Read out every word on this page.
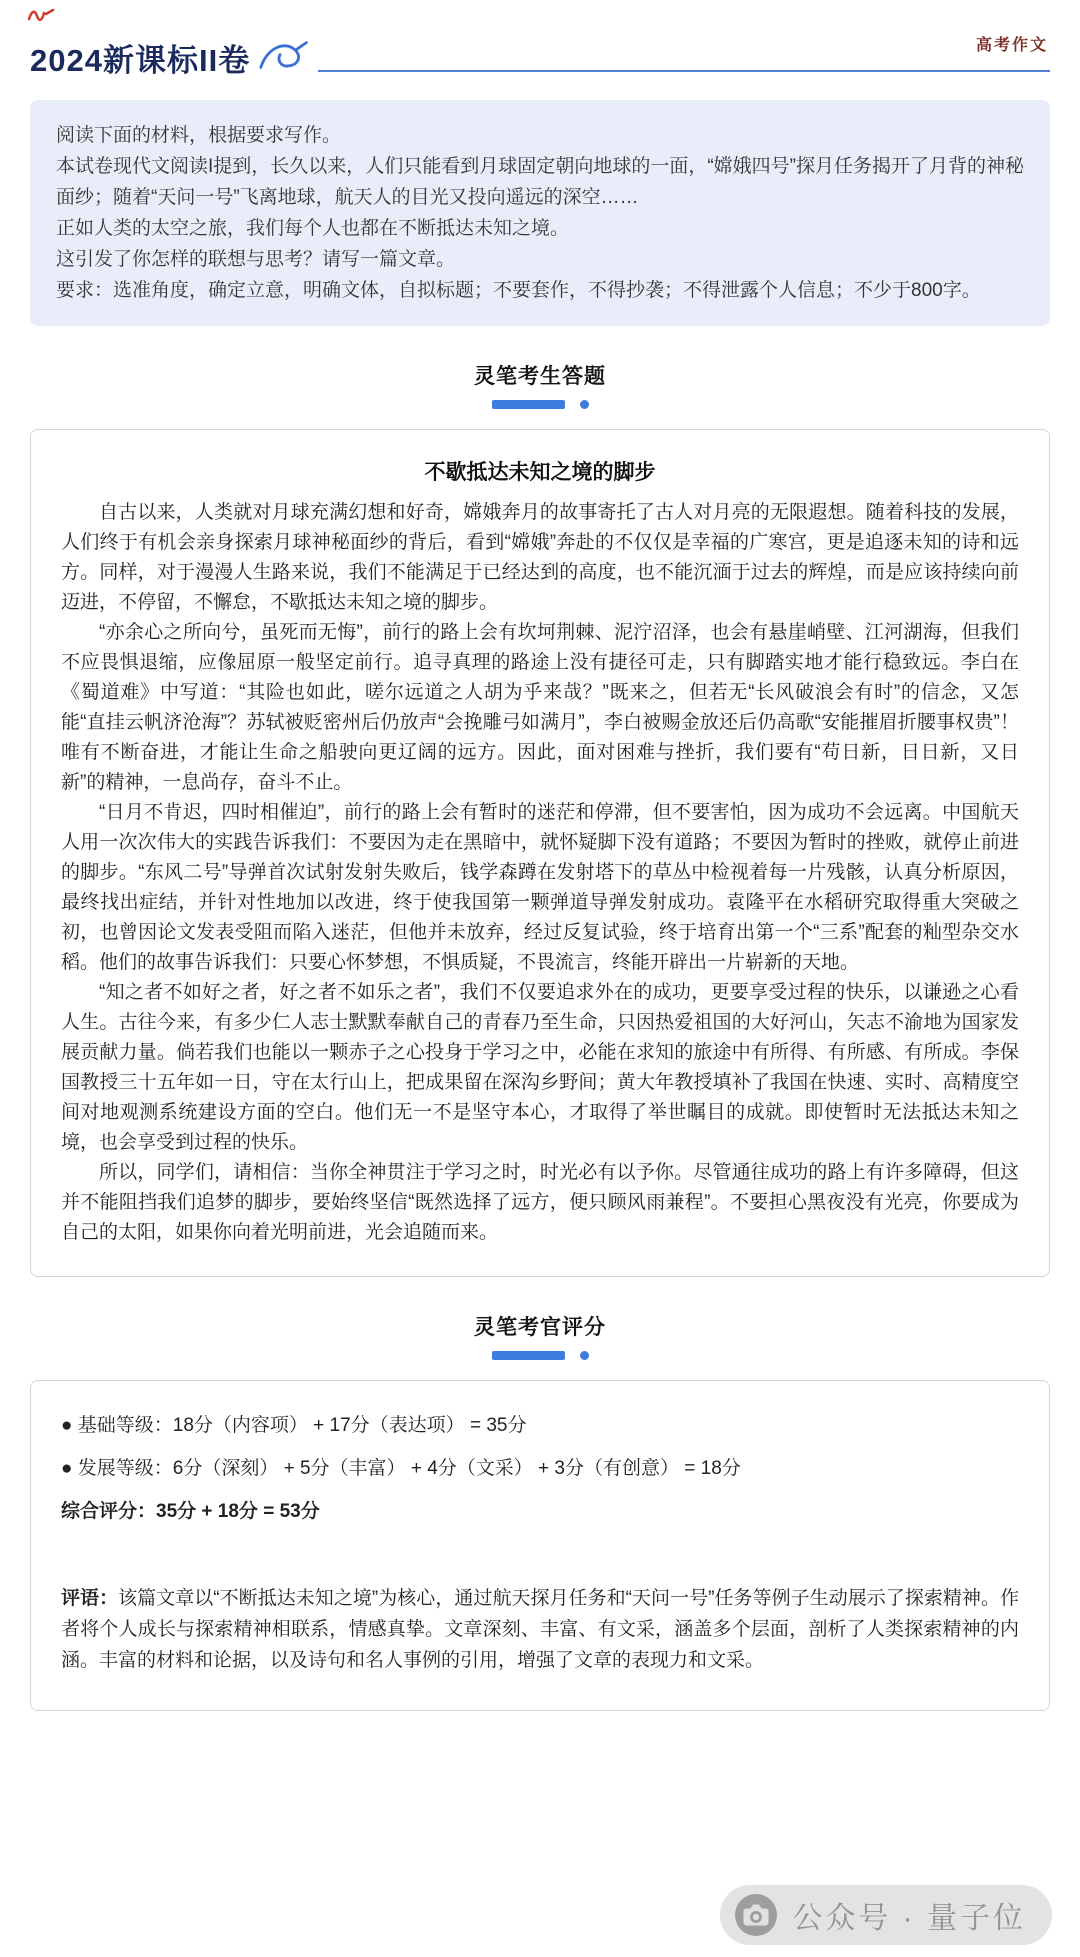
2024新课标II卷	高考作文

阅读下面的材料，根据要求写作。

本试卷现代文阅读I提到，长久以来，人们只能看到月球固定朝向地球的一面，“嫦娥四号”探月任务揭开了月背的神秘面纱；随着“天问一号”飞离地球，航天人的目光又投向遥远的深空……

正如人类的太空之旅，我们每个人也都在不断抵达未知之境。

这引发了你怎样的联想与思考？请写一篇文章。

要求：选准角度，确定立意，明确文体，自拟标题；不要套作，不得抄袭；不得泄露个人信息；不少于800字。

灵笔考生答题
不歇抵达未知之境的脚步

自古以来，人类就对月球充满幻想和好奇，嫦娥奔月的故事寄托了古人对月亮的无限遐想。随着科技的发展，人们终于有机会亲身探索月球神秘面纱的背后，看到“嫦娥”奔赴的不仅仅是幸福的广寒宫，更是追逐未知的诗和远方。同样，对于漫漫人生路来说，我们不能满足于已经达到的高度，也不能沉湎于过去的辉煌，而是应该持续向前迈进，不停留，不懈怠，不歇抵达未知之境的脚步。

“亦余心之所向兮，虽死而无悔”，前行的路上会有坎坷荆棘、泥泞沼泽，也会有悬崖峭壁、江河湖海，但我们不应畏惧退缩，应像屈原一般坚定前行。追寻真理的路途上没有捷径可走，只有脚踏实地才能行稳致远。李白在《蜀道难》中写道：“其险也如此，嗟尔远道之人胡为乎来哉？”既来之，但若无“长风破浪会有时”的信念，又怎能“直挂云帆济沧海”？苏轼被贬密州后仍放声“会挽雕弓如满月”，李白被赐金放还后仍高歌“安能摧眉折腰事权贵”！唯有不断奋进，才能让生命之船驶向更辽阔的远方。因此，面对困难与挫折，我们要有“苟日新，日日新，又日新”的精神，一息尚存，奋斗不止。

“日月不肯迟，四时相催迫”，前行的路上会有暂时的迷茫和停滞，但不要害怕，因为成功不会远离。中国航天人用一次次伟大的实践告诉我们：不要因为走在黑暗中，就怀疑脚下没有道路；不要因为暂时的挫败，就停止前进的脚步。“东风二号”导弹首次试射发射失败后，钱学森蹲在发射塔下的草丛中检视着每一片残骸，认真分析原因，最终找出症结，并针对性地加以改进，终于使我国第一颗弹道导弹发射成功。袁隆平在水稻研究取得重大突破之初，也曾因论文发表受阻而陷入迷茫，但他并未放弃，经过反复试验，终于培育出第一个“三系”配套的籼型杂交水稻。他们的故事告诉我们：只要心怀梦想，不惧质疑，不畏流言，终能开辟出一片崭新的天地。

“知之者不如好之者，好之者不如乐之者”，我们不仅要追求外在的成功，更要享受过程的快乐，以谦逊之心看人生。古往今来，有多少仁人志士默默奉献自己的青春乃至生命，只因热爱祖国的大好河山，矢志不渝地为国家发展贡献力量。倘若我们也能以一颗赤子之心投身于学习之中，必能在求知的旅途中有所得、有所感、有所成。李保国教授三十五年如一日，守在太行山上，把成果留在深沟乡野间；黄大年教授填补了我国在快速、实时、高精度空间对地观测系统建设方面的空白。他们无一不是坚守本心，才取得了举世瞩目的成就。即使暂时无法抵达未知之境，也会享受到过程的快乐。

所以，同学们，请相信：当你全神贯注于学习之时，时光必有以予你。尽管通往成功的路上有许多障碍，但这并不能阻挡我们追梦的脚步，要始终坚信“既然选择了远方，便只顾风雨兼程”。不要担心黑夜没有光亮，你要成为自己的太阳，如果你向着光明前进，光会追随而来。

灵笔考官评分

● 基础等级：18分（内容项） + 17分（表达项） = 35分

● 发展等级：6分（深刻） + 5分（丰富） + 4分（文采） + 3分（有创意） = 18分

综合评分：35分 + 18分 = 53分

评语：该篇文章以“不断抵达未知之境”为核心，通过航天探月任务和“天问一号”任务等例子生动展示了探索精神。作者将个人成长与探索精神相联系，情感真挚。文章深刻、丰富、有文采，涵盖多个层面，剖析了人类探索精神的内涵。丰富的材料和论据，以及诗句和名人事例的引用，增强了文章的表现力和文采。

公众号 · 量子位
